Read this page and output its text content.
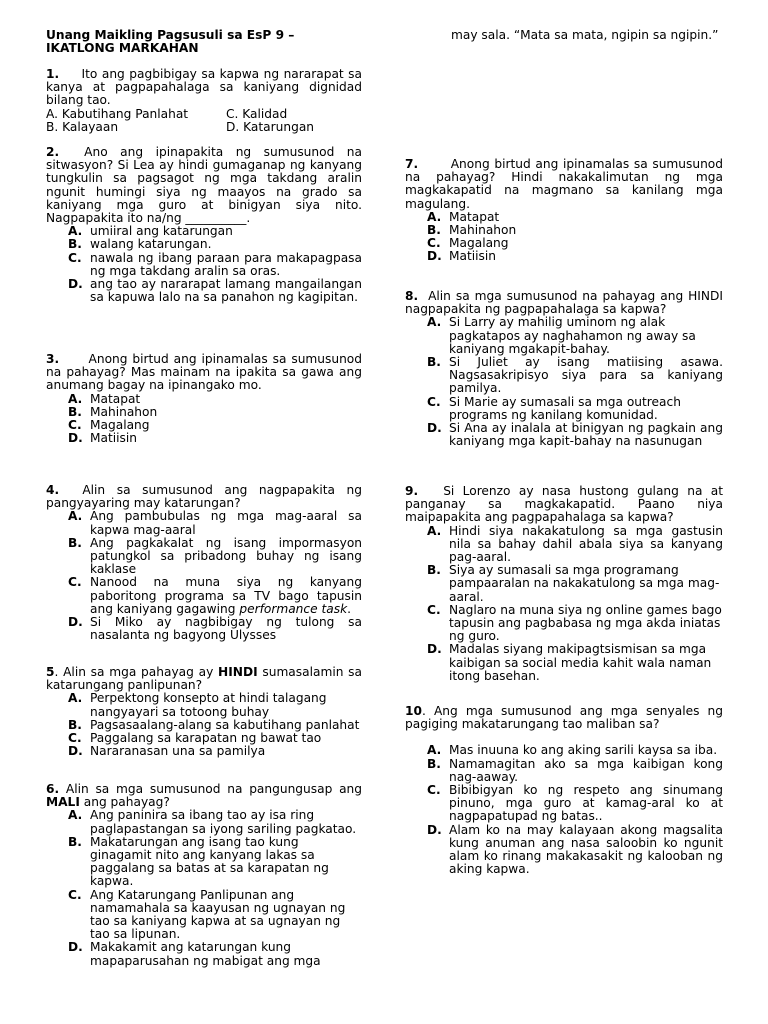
Unang Maikling Pagsusuli sa EsP 9 –
IKATLONG MARKAHAN
1. Ito ang pagbibigay sa kapwa ng nararapat sa kanya at pagpapahalaga sa kaniyang dignidad bilang tao.
A. Kabutihang Panlahat	C. Kalidad
B. Kalayaan	D. Katarungan
2. Ano ang ipinapakita ng sumusunod na sitwasyon? Si Lea ay hindi gumaganap ng kanyang tungkulin sa pagsagot ng mga takdang aralin ngunit humingi siya ng maayos na grado sa kaniyang mga guro at binigyan siya nito. Nagpapakita ito na/ng __________.
A. umiiral ang katarungan
B. walang katarungan.
C. nawala ng ibang paraan para makapagpasa ng mga takdang aralin sa oras.
D. ang tao ay nararapat lamang mangailangan sa kapuwa lalo na sa panahon ng kagipitan.
3. Anong birtud ang ipinamalas sa sumusunod na pahayag? Mas mainam na ipakita sa gawa ang anumang bagay na ipinangako mo.
A. Matapat
B. Mahinahon
C. Magalang
D. Matiisin
4. Alin sa sumusunod ang nagpapakita ng pangyayaring may katarungan?
A. Ang pambubulas ng mga mag-aaral sa kapwa mag-aaral
B. Ang pagkakalat ng isang impormasyon patungkol sa pribadong buhay ng isang kaklase
C. Nanood na muna siya ng kanyang paboritong programa sa TV bago tapusin ang kaniyang gagawing performance task.
D. Si Miko ay nagbibigay ng tulong sa nasalanta ng bagyong Ulysses
5. Alin sa mga pahayag ay HINDI sumasalamin sa katarungang panlipunan?
A. Perpektong konsepto at hindi talagang nangyayari sa totoong buhay
B. Pagsasaalang-alang sa kabutihang panlahat
C. Paggalang sa karapatan ng bawat tao
D. Nararanasan una sa pamilya
6. Alin sa mga sumusunod na pangungusap ang MALI ang pahayag?
A. Ang paninira sa ibang tao ay isa ring paglapastangan sa iyong sariling pagkatao.
B. Makatarungan ang isang tao kung ginagamit nito ang kanyang lakas sa paggalang sa batas at sa karapatan ng kapwa.
C. Ang Katarungang Panlipunan ang namamahala sa kaayusan ng ugnayan ng tao sa kaniyang kapwa at sa ugnayan ng tao sa lipunan.
D. Makakamit ang katarungan kung mapaparusahan ng mabigat ang mga
may sala. “Mata sa mata, ngipin sa ngipin.”
7.	Anong birtud ang ipinamalas sa sumusunod na pahayag? Hindi nakakalimutan ng mga magkakapatid na magmano sa kanilang mga magulang.
A. Matapat
B. Mahinahon
C. Magalang
D. Matiisin
8. Alin sa mga sumusunod na pahayag ang HINDI nagpapakita ng pagpapahalaga sa kapwa?
A. Si Larry ay mahilig uminom ng alak pagkatapos ay naghahamon ng away sa kaniyang mgakapit-bahay.
B. Si Juliet ay isang matiising asawa. Nagsasakripisyo siya para sa kaniyang pamilya.
C. Si Marie ay sumasali sa mga outreach programs ng kanilang komunidad.
D. Si Ana ay inalala at binigyan ng pagkain ang kaniyang mga kapit-bahay na nasunugan
9. Si Lorenzo ay nasa hustong gulang na at panganay sa magkakapatid. Paano niya maipapakita ang pagpapahalaga sa kapwa?
A. Hindi siya nakakatulong sa mga gastusin nila sa bahay dahil abala siya sa kanyang pag-aaral.
B. Siya ay sumasali sa mga programang pampaaralan na nakakatulong sa mga mag-aaral.
C. Naglaro na muna siya ng online games bago tapusin ang pagbabasa ng mga akda iniatas ng guro.
D. Madalas siyang makipagtsismisan sa mga kaibigan sa social media kahit wala naman itong basehan.
10. Ang mga sumusunod ang mga senyales ng pagiging makatarungang tao maliban sa?
A. Mas inuuna ko ang aking sarili kaysa sa iba.
B. Namamagitan ako sa mga kaibigan kong nag-aaway.
C. Bibibigyan ko ng respeto ang sinumang pinuno, mga guro at kamag-aral ko at nagpapatupad ng batas..
D. Alam ko na may kalayaan akong magsalita kung anuman ang nasa saloobin ko ngunit alam ko rinang makakasakit ng kalooban ng aking kapwa.
